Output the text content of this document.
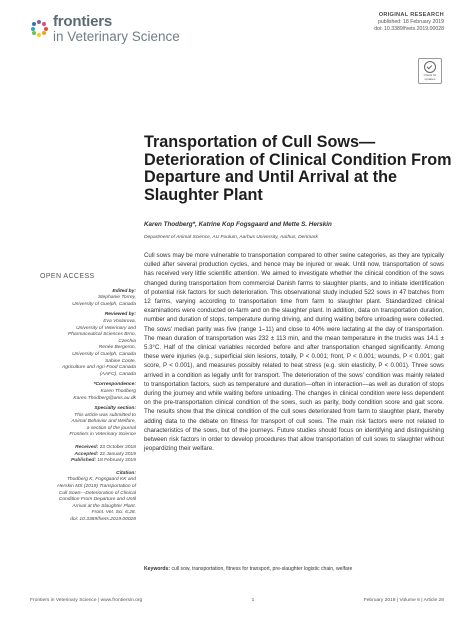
frontiers
in Veterinary Science
ORIGINAL RESEARCH
published: 18 February 2019
doi: 10.3389/fvets.2019.00028
Check for updates
Transportation of Cull Sows—Deterioration of Clinical Condition From Departure and Until Arrival at the Slaughter Plant
Karen Thodberg*, Katrine Kop Fogsgaard and Mette S. Herskin
Department of Animal Science, AU Foulum, Aarhus University, Aarhus, Denmark
OPEN ACCESS
Edited by:
Stephanie Torrey,
University of Guelph, Canada
Reviewed by:
Eva Voslarova,
University of Veterinary and
Pharmaceutical Sciences Brno,
Czechia
Renée Bergeron,
University of Guelph, Canada
Sabine Conte,
Agriculture and Agri-Food Canada
(AAFC), Canada
*Correspondence:
Karen Thodberg
Karen.Thodberg@anis.au.dk
Specialty section:
This article was submitted to
Animal Behavior and Welfare,
a section of the journal
Frontiers in Veterinary Science
Received: 23 October 2018
Accepted: 22 January 2019
Published: 18 February 2019
Citation:
Thodberg K, Fogsgaard KK and
Herskin MS (2019) Transportation of
Cull Sows—Deterioration of Clinical
Condition From Departure and Until
Arrival at the Slaughter Plant.
Front. Vet. Sci. 6:28.
doi: 10.3389/fvets.2019.00028

Cull sows may be more vulnerable to transportation compared to other swine categories, as they are typically culled after several production cycles, and hence may be injured or weak. Until now, transportation of sows has received very little scientific attention. We aimed to investigate whether the clinical condition of the sows changed during transportation from commercial Danish farms to slaughter plants, and to initiate identification of potential risk factors for such deterioration. This observational study included 522 sows in 47 batches from 12 farms, varying according to transportation time from farm to slaughter plant. Standardized clinical examinations were conducted on-farm and on the slaughter plant. In addition, data on transportation duration, number and duration of stops, temperature during driving, and during waiting before unloading were collected. The sows' median parity was five (range 1–11) and close to 40% were lactating at the day of transportation. The mean duration of transportation was 232 ± 113 min, and the mean temperature in the trucks was 14.1 ± 5.3°C. Half of the clinical variables recorded before and after transportation changed significantly. Among these were injuries (e.g., superficial skin lesions, totally, P < 0.001; front, P < 0.001; wounds, P < 0.001; gait score, P < 0.001), and measures possibly related to heat stress (e.g. skin elasticity, P < 0.001). Three sows arrived in a condition as legally unfit for transport. The deterioration of the sows' condition was mainly related to transportation factors, such as temperature and duration—often in interaction—as well as duration of stops during the journey and while waiting before unloading. The changes in clinical condition were less dependent on the pre-transportation clinical condition of the sows, such as parity, body condition score and gait score. The results show that the clinical condition of the cull sows deteriorated from farm to slaughter plant, thereby adding data to the debate on fitness for transport of cull sows. The main risk factors were not related to characteristics of the sows, but of the journeys. Future studies should focus on identifying and distinguishing between risk factors in order to develop procedures that allow transportation of cull sows to slaughter without jeopardizing their welfare.

Keywords: cull sow, transportation, fitness for transport, pre-slaughter logistic chain, welfare
Frontiers in Veterinary Science | www.frontiersin.org	1	February 2019 | Volume 6 | Article 28
